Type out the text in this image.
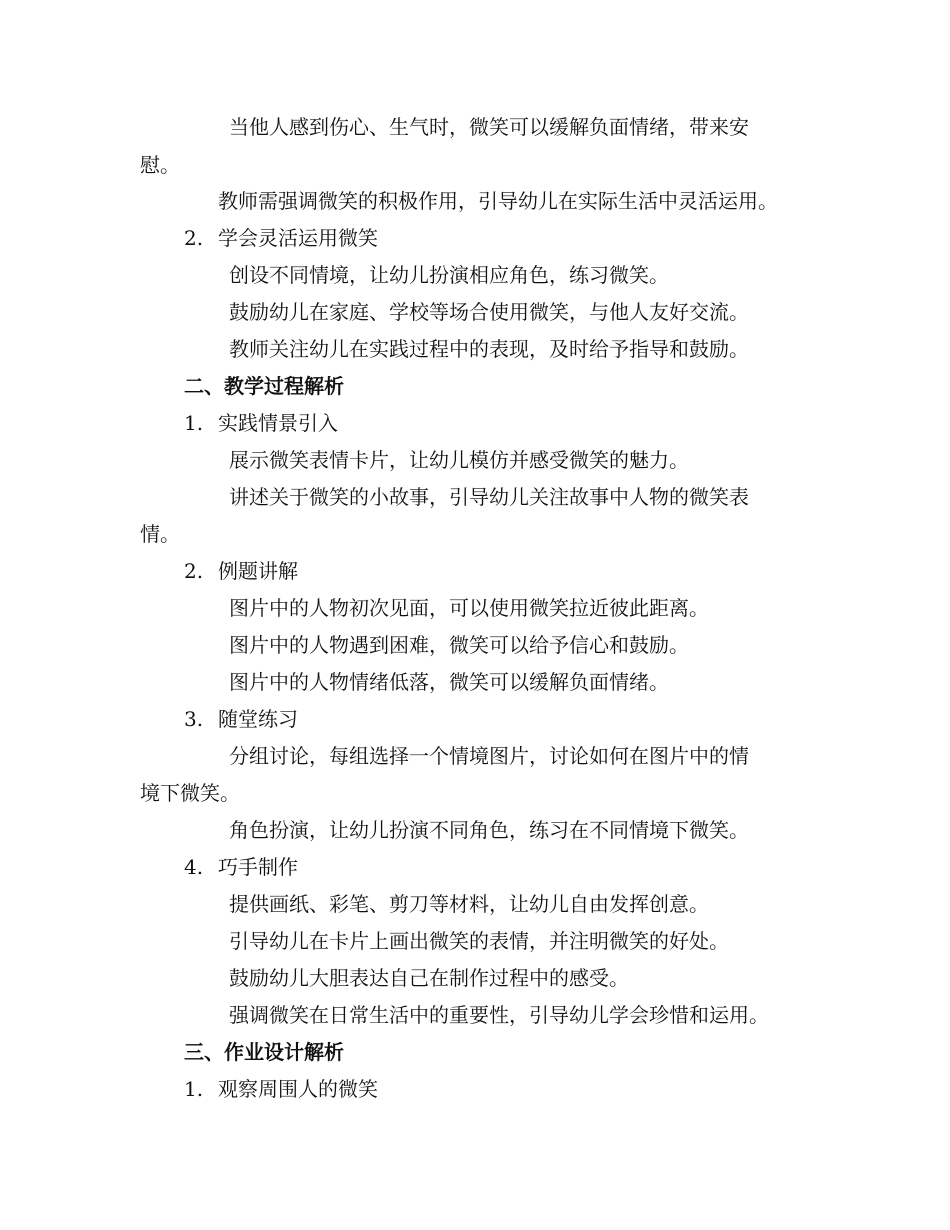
当他人感到伤心、生气时，微笑可以缓解负面情绪，带来安
慰。
教师需强调微笑的积极作用，引导幼儿在实际生活中灵活运用。
2. 学会灵活运用微笑
创设不同情境，让幼儿扮演相应角色，练习微笑。
鼓励幼儿在家庭、学校等场合使用微笑，与他人友好交流。
教师关注幼儿在实践过程中的表现，及时给予指导和鼓励。
二、教学过程解析
1. 实践情景引入
展示微笑表情卡片，让幼儿模仿并感受微笑的魅力。
讲述关于微笑的小故事，引导幼儿关注故事中人物的微笑表
情。
2. 例题讲解
图片中的人物初次见面，可以使用微笑拉近彼此距离。
图片中的人物遇到困难，微笑可以给予信心和鼓励。
图片中的人物情绪低落，微笑可以缓解负面情绪。
3. 随堂练习
分组讨论，每组选择一个情境图片，讨论如何在图片中的情
境下微笑。
角色扮演，让幼儿扮演不同角色，练习在不同情境下微笑。
4. 巧手制作
提供画纸、彩笔、剪刀等材料，让幼儿自由发挥创意。
引导幼儿在卡片上画出微笑的表情，并注明微笑的好处。
鼓励幼儿大胆表达自己在制作过程中的感受。
强调微笑在日常生活中的重要性，引导幼儿学会珍惜和运用。
三、作业设计解析
1. 观察周围人的微笑
